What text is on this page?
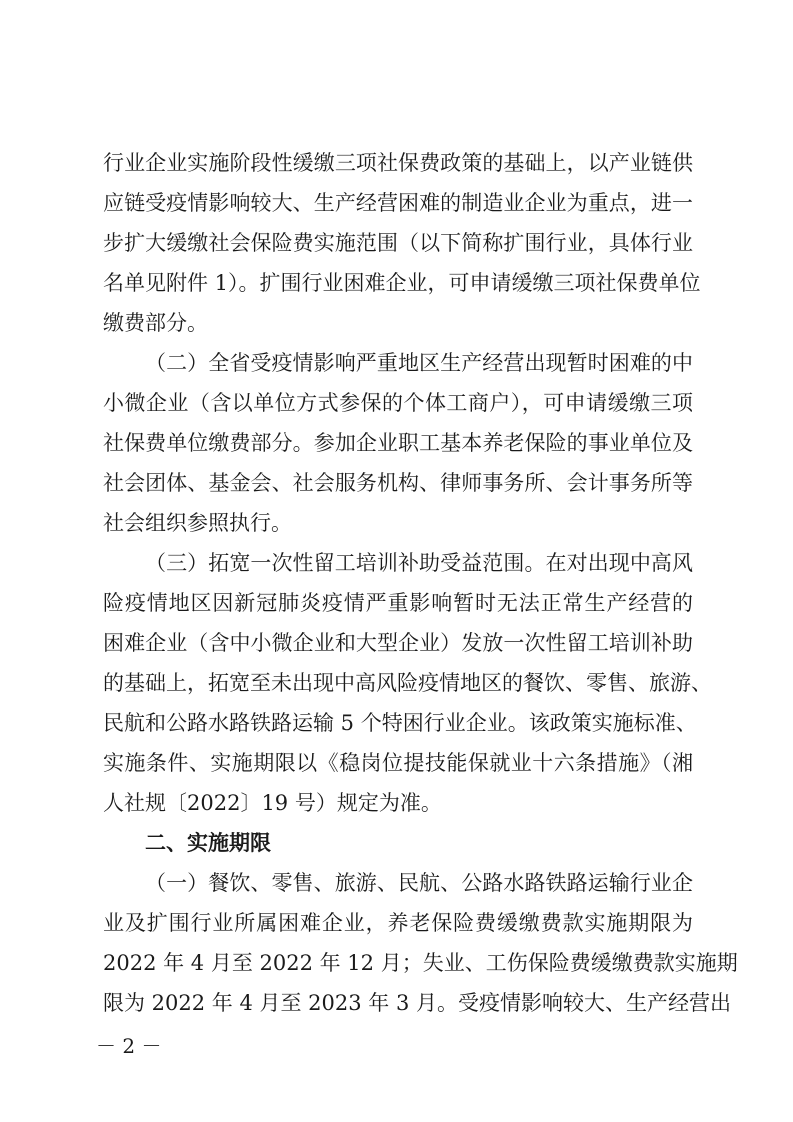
行业企业实施阶段性缓缴三项社保费政策的基础上，以产业链供
应链受疫情影响较大、生产经营困难的制造业企业为重点，进一
步扩大缓缴社会保险费实施范围（以下简称扩围行业，具体行业
名单见附件 1）。扩围行业困难企业，可申请缓缴三项社保费单位
缴费部分。
（二）全省受疫情影响严重地区生产经营出现暂时困难的中
小微企业（含以单位方式参保的个体工商户），可申请缓缴三项
社保费单位缴费部分。参加企业职工基本养老保险的事业单位及
社会团体、基金会、社会服务机构、律师事务所、会计事务所等
社会组织参照执行。
（三）拓宽一次性留工培训补助受益范围。在对出现中高风
险疫情地区因新冠肺炎疫情严重影响暂时无法正常生产经营的
困难企业（含中小微企业和大型企业）发放一次性留工培训补助
的基础上，拓宽至未出现中高风险疫情地区的餐饮、零售、旅游、
民航和公路水路铁路运输 5 个特困行业企业。该政策实施标准、
实施条件、实施期限以《稳岗位提技能保就业十六条措施》（湘
人社规〔2022〕19 号）规定为准。
二、实施期限
（一）餐饮、零售、旅游、民航、公路水路铁路运输行业企
业及扩围行业所属困难企业，养老保险费缓缴费款实施期限为
2022 年 4 月至 2022 年 12 月；失业、工伤保险费缓缴费款实施期
限为 2022 年 4 月至 2023 年 3 月。受疫情影响较大、生产经营出
－ 2 －
